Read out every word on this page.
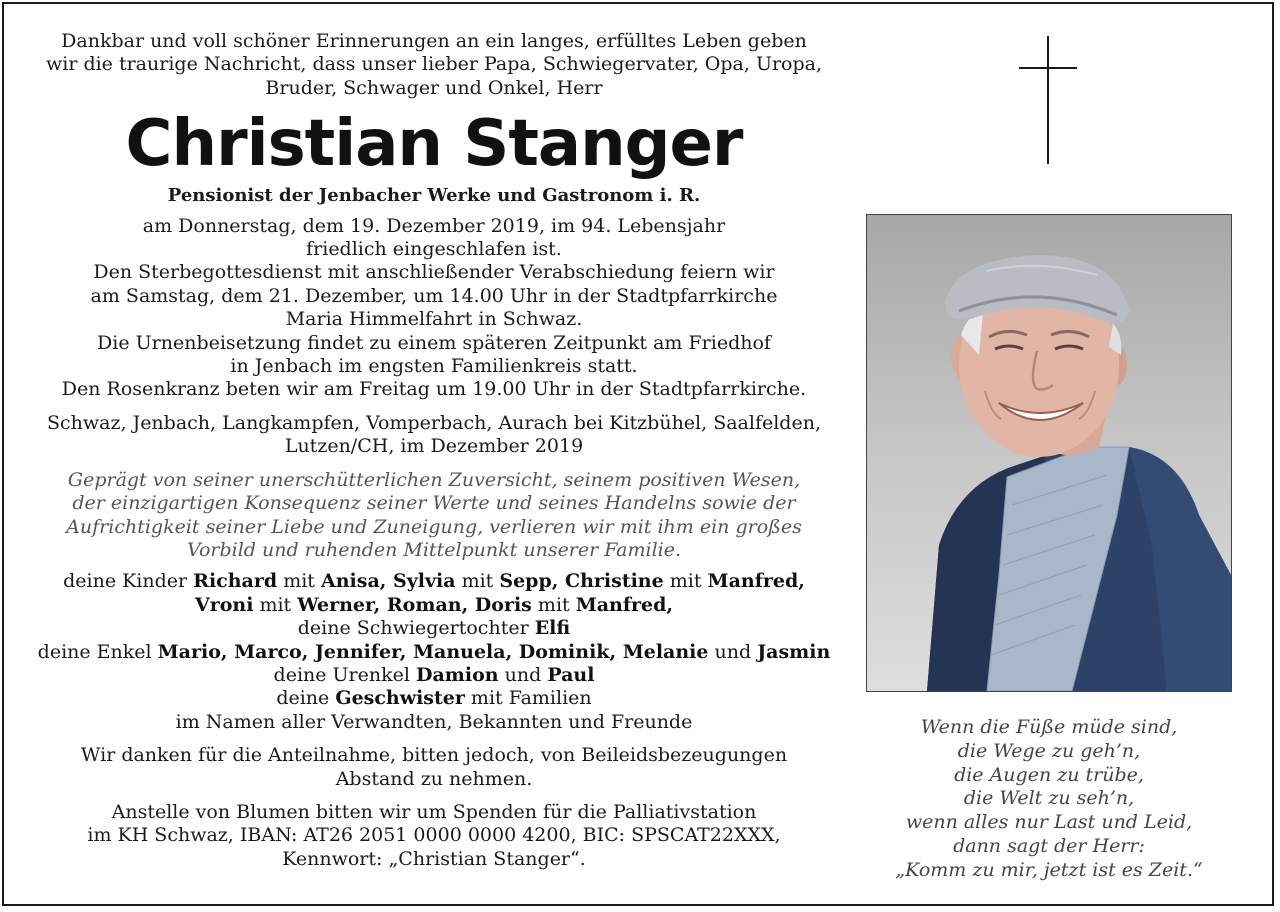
Dankbar und voll schöner Erinnerungen an ein langes, erfülltes Leben geben

wir die traurige Nachricht, dass unser lieber Papa, Schwiegervater, Opa, Uropa,

Bruder, Schwager und Onkel, Herr

Christian Stanger

Pensionist der Jenbacher Werke und Gastronom i. R.

am Donnerstag, dem 19. Dezember 2019, im 94. Lebensjahr

friedlich eingeschlafen ist.

Den Sterbegottesdienst mit anschließender Verabschiedung feiern wir

am Samstag, dem 21. Dezember, um 14.00 Uhr in der Stadtpfarrkirche

Maria Himmelfahrt in Schwaz.

Die Urnenbeisetzung findet zu einem späteren Zeitpunkt am Friedhof

in Jenbach im engsten Familienkreis statt.

Den Rosenkranz beten wir am Freitag um 19.00 Uhr in der Stadtpfarrkirche.

Schwaz, Jenbach, Langkampfen, Vomperbach, Aurach bei Kitzbühel, Saalfelden,

Lutzen/CH, im Dezember 2019

Geprägt von seiner unerschütterlichen Zuversicht, seinem positiven Wesen,

der einzigartigen Konsequenz seiner Werte und seines Handelns sowie der

Aufrichtigkeit seiner Liebe und Zuneigung, verlieren wir mit ihm ein großes

Vorbild und ruhenden Mittelpunkt unserer Familie.

deine Kinder Richard mit Anisa, Sylvia mit Sepp, Christine mit Manfred,

Vroni mit Werner, Roman, Doris mit Manfred,

deine Schwiegertochter Elfi

deine Enkel Mario, Marco, Jennifer, Manuela, Dominik, Melanie und Jasmin

deine Urenkel Damion und Paul

deine Geschwister mit Familien

im Namen aller Verwandten, Bekannten und Freunde

Wir danken für die Anteilnahme, bitten jedoch, von Beileidsbezeugungen

Abstand zu nehmen.

Anstelle von Blumen bitten wir um Spenden für die Palliativstation

im KH Schwaz, IBAN: AT26 2051 0000 0000 4200, BIC: SPSCAT22XXX,

Kennwort: „Christian Stanger“.

Wenn die Füße müde sind,

die Wege zu geh’n,

die Augen zu trübe,

die Welt zu seh’n,

wenn alles nur Last und Leid,

dann sagt der Herr:

„Komm zu mir, jetzt ist es Zeit.“
